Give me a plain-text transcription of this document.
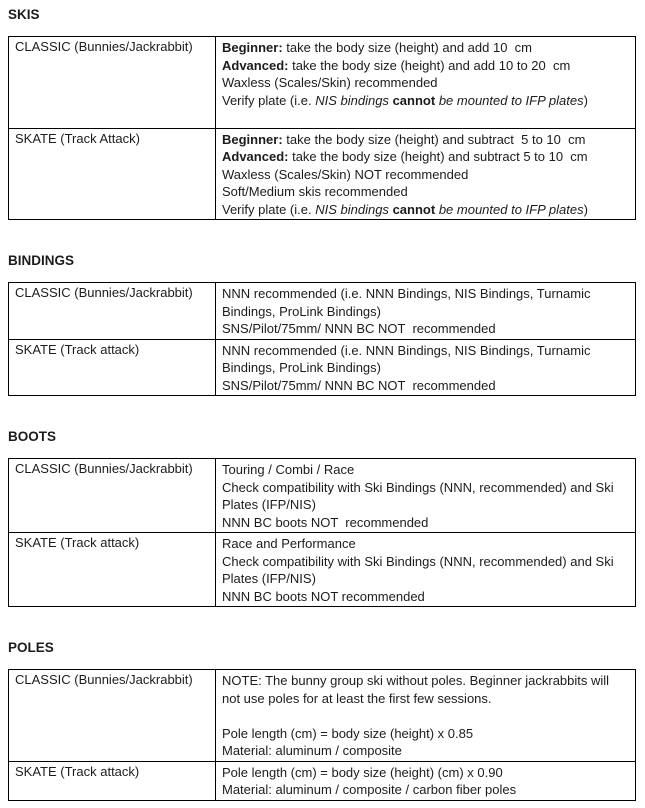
SKIS
CLASSIC (Bunnies/Jackrabbit)	Beginner: take the body size (height) and add 10  cm
Advanced: take the body size (height) and add 10 to 20  cm
Waxless (Scales/Skin) recommended
Verify plate (i.e. NIS bindings cannot be mounted to IFP plates)

SKATE (Track Attack)	Beginner: take the body size (height) and subtract  5 to 10  cm
Advanced: take the body size (height) and subtract 5 to 10  cm
Waxless (Scales/Skin) NOT recommended
Soft/Medium skis recommended
Verify plate (i.e. NIS bindings cannot be mounted to IFP plates)
BINDINGS
CLASSIC (Bunnies/Jackrabbit)	NNN recommended (i.e. NNN Bindings, NIS Bindings, Turnamic
Bindings, ProLink Bindings)
SNS/Pilot/75mm/ NNN BC NOT  recommended

SKATE (Track attack)	NNN recommended (i.e. NNN Bindings, NIS Bindings, Turnamic
Bindings, ProLink Bindings)
SNS/Pilot/75mm/ NNN BC NOT  recommended
BOOTS
CLASSIC (Bunnies/Jackrabbit)	Touring / Combi / Race
Check compatibility with Ski Bindings (NNN, recommended) and Ski
Plates (IFP/NIS)
NNN BC boots NOT  recommended

SKATE (Track attack)	Race and Performance
Check compatibility with Ski Bindings (NNN, recommended) and Ski
Plates (IFP/NIS)
NNN BC boots NOT recommended
POLES
CLASSIC (Bunnies/Jackrabbit)	NOTE: The bunny group ski without poles. Beginner jackrabbits will
not use poles for at least the first few sessions.
Pole length (cm) = body size (height) x 0.85
Material: aluminum / composite

SKATE (Track attack)	Pole length (cm) = body size (height) (cm) x 0.90
Material: aluminum / composite / carbon fiber poles
